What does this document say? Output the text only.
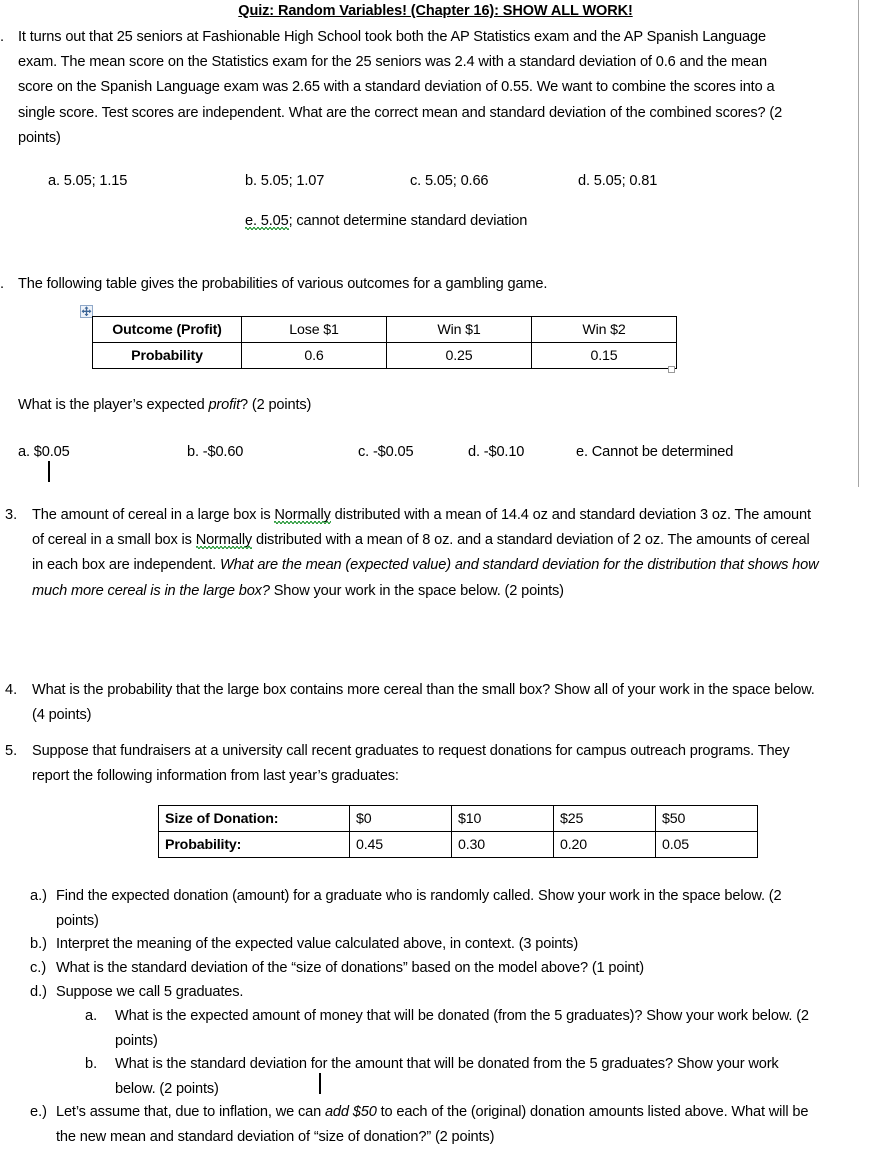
Quiz: Random Variables! (Chapter 16): SHOW ALL WORK!
. It turns out that 25 seniors at Fashionable High School took both the AP Statistics exam and the AP Spanish Language exam. The mean score on the Statistics exam for the 25 seniors was 2.4 with a standard deviation of 0.6 and the mean score on the Spanish Language exam was 2.65 with a standard deviation of 0.55. We want to combine the scores into a single score. Test scores are independent. What are the correct mean and standard deviation of the combined scores? (2 points)
a. 5.05; 1.15	b. 5.05; 1.07	c. 5.05; 0.66	d. 5.05; 0.81
e. 5.05; cannot determine standard deviation
. The following table gives the probabilities of various outcomes for a gambling game.
Outcome (Profit)	Lose $1	Win $1	Win $2
Probability	0.6	0.25	0.15
What is the player’s expected profit? (2 points)
a. $0.05	b. -$0.60	c. -$0.05	d. -$0.10	e. Cannot be determined
3. The amount of cereal in a large box is Normally distributed with a mean of 14.4 oz and standard deviation 3 oz. The amount of cereal in a small box is Normally distributed with a mean of 8 oz. and a standard deviation of 2 oz. The amounts of cereal in each box are independent. What are the mean (expected value) and standard deviation for the distribution that shows how much more cereal is in the large box? Show your work in the space below. (2 points)
4. What is the probability that the large box contains more cereal than the small box? Show all of your work in the space below. (4 points)
5. Suppose that fundraisers at a university call recent graduates to request donations for campus outreach programs. They report the following information from last year’s graduates:
Size of Donation:	$0	$10	$25	$50
Probability:	0.45	0.30	0.20	0.05
a.) Find the expected donation (amount) for a graduate who is randomly called. Show your work in the space below. (2 points)
b.) Interpret the meaning of the expected value calculated above, in context. (3 points)
c.) What is the standard deviation of the “size of donations” based on the model above? (1 point)
d.) Suppose we call 5 graduates.
a. What is the expected amount of money that will be donated (from the 5 graduates)? Show your work below. (2 points)
b. What is the standard deviation for the amount that will be donated from the 5 graduates? Show your work below. (2 points)
e.) Let’s assume that, due to inflation, we can add $50 to each of the (original) donation amounts listed above. What will be the new mean and standard deviation of “size of donation?” (2 points)
